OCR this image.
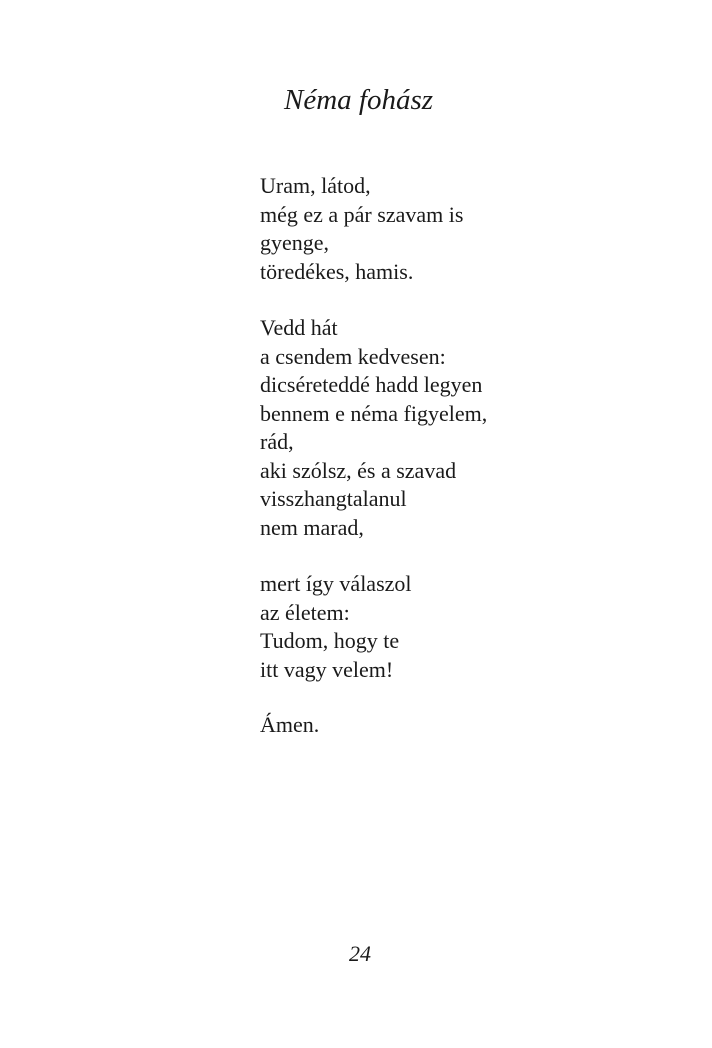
Néma fohász

Uram, látod,
még ez a pár szavam is
gyenge,
töredékes, hamis.

Vedd hát
a csendem kedvesen:
dicséreteddé hadd legyen
bennem e néma figyelem,
rád,
aki szólsz, és a szavad
visszhangtalanul
nem marad,

mert így válaszol
az életem:
Tudom, hogy te
itt vagy velem!

Ámen.

24
